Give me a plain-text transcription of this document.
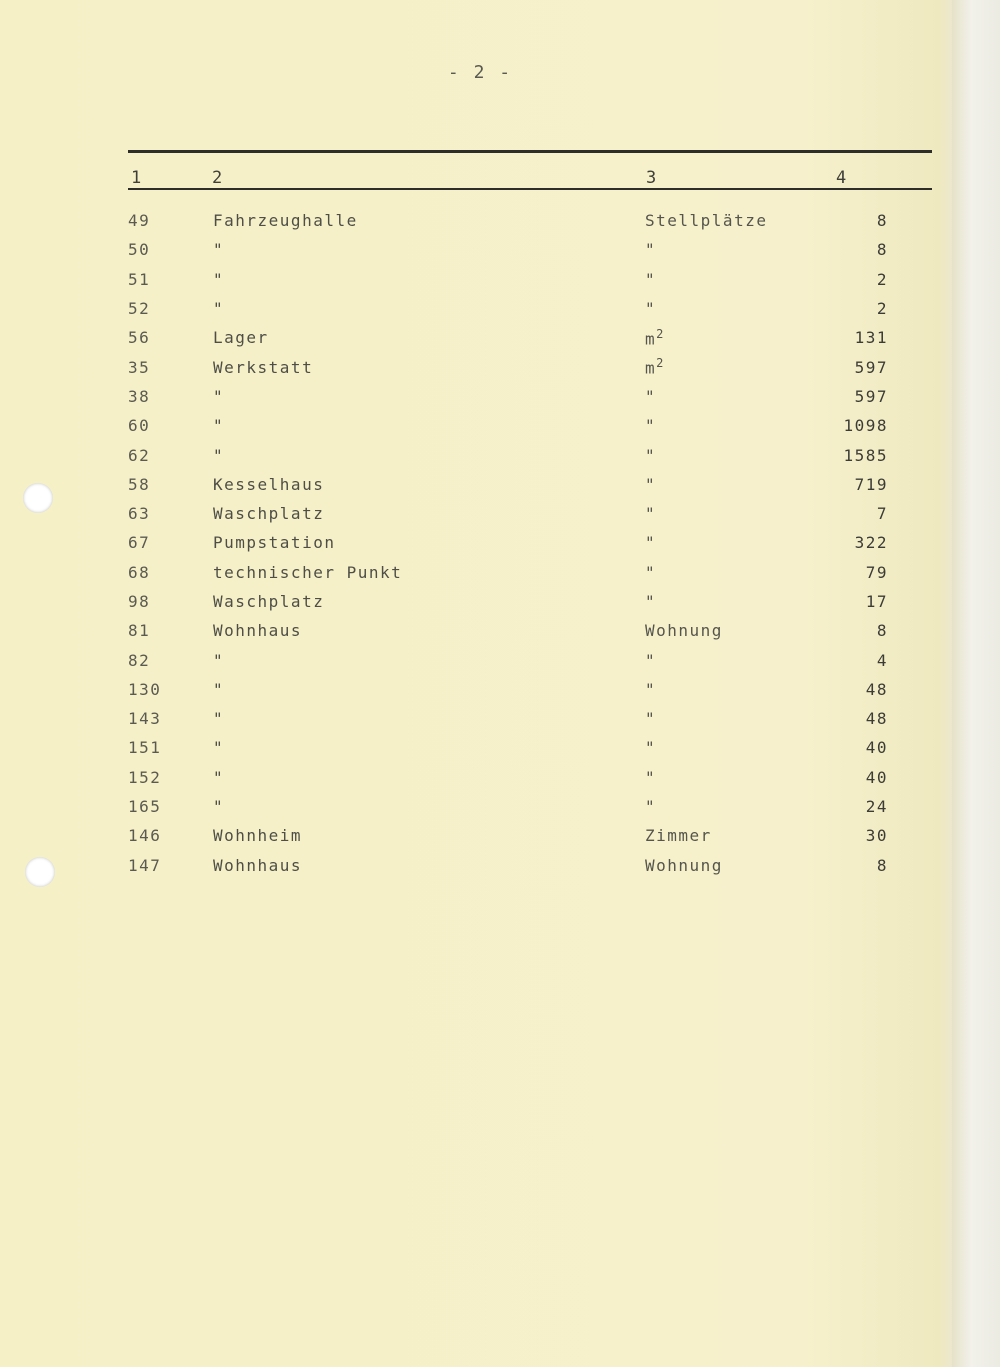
- 2 -
1	2	3	4
49	Fahrzeughalle	Stellplätze	8
50	"	"	8
51	"	"	2
52	"	"	2
56	Lager	$m^2$	131
35	Werkstatt	$m^2$	597
38	"	"	597
60	"	"	1098
62	"	"	1585
58	Kesselhaus	"	719
63	Waschplatz	"	7
67	Pumpstation	"	322
68	technischer Punkt	"	79
98	Waschplatz	"	17
81	Wohnhaus	Wohnung	8
82	"	"	4
130	"	"	48
143	"	"	48
151	"	"	40
152	"	"	40
165	"	"	24
146	Wohnheim	Zimmer	30
147	Wohnhaus	Wohnung	8
